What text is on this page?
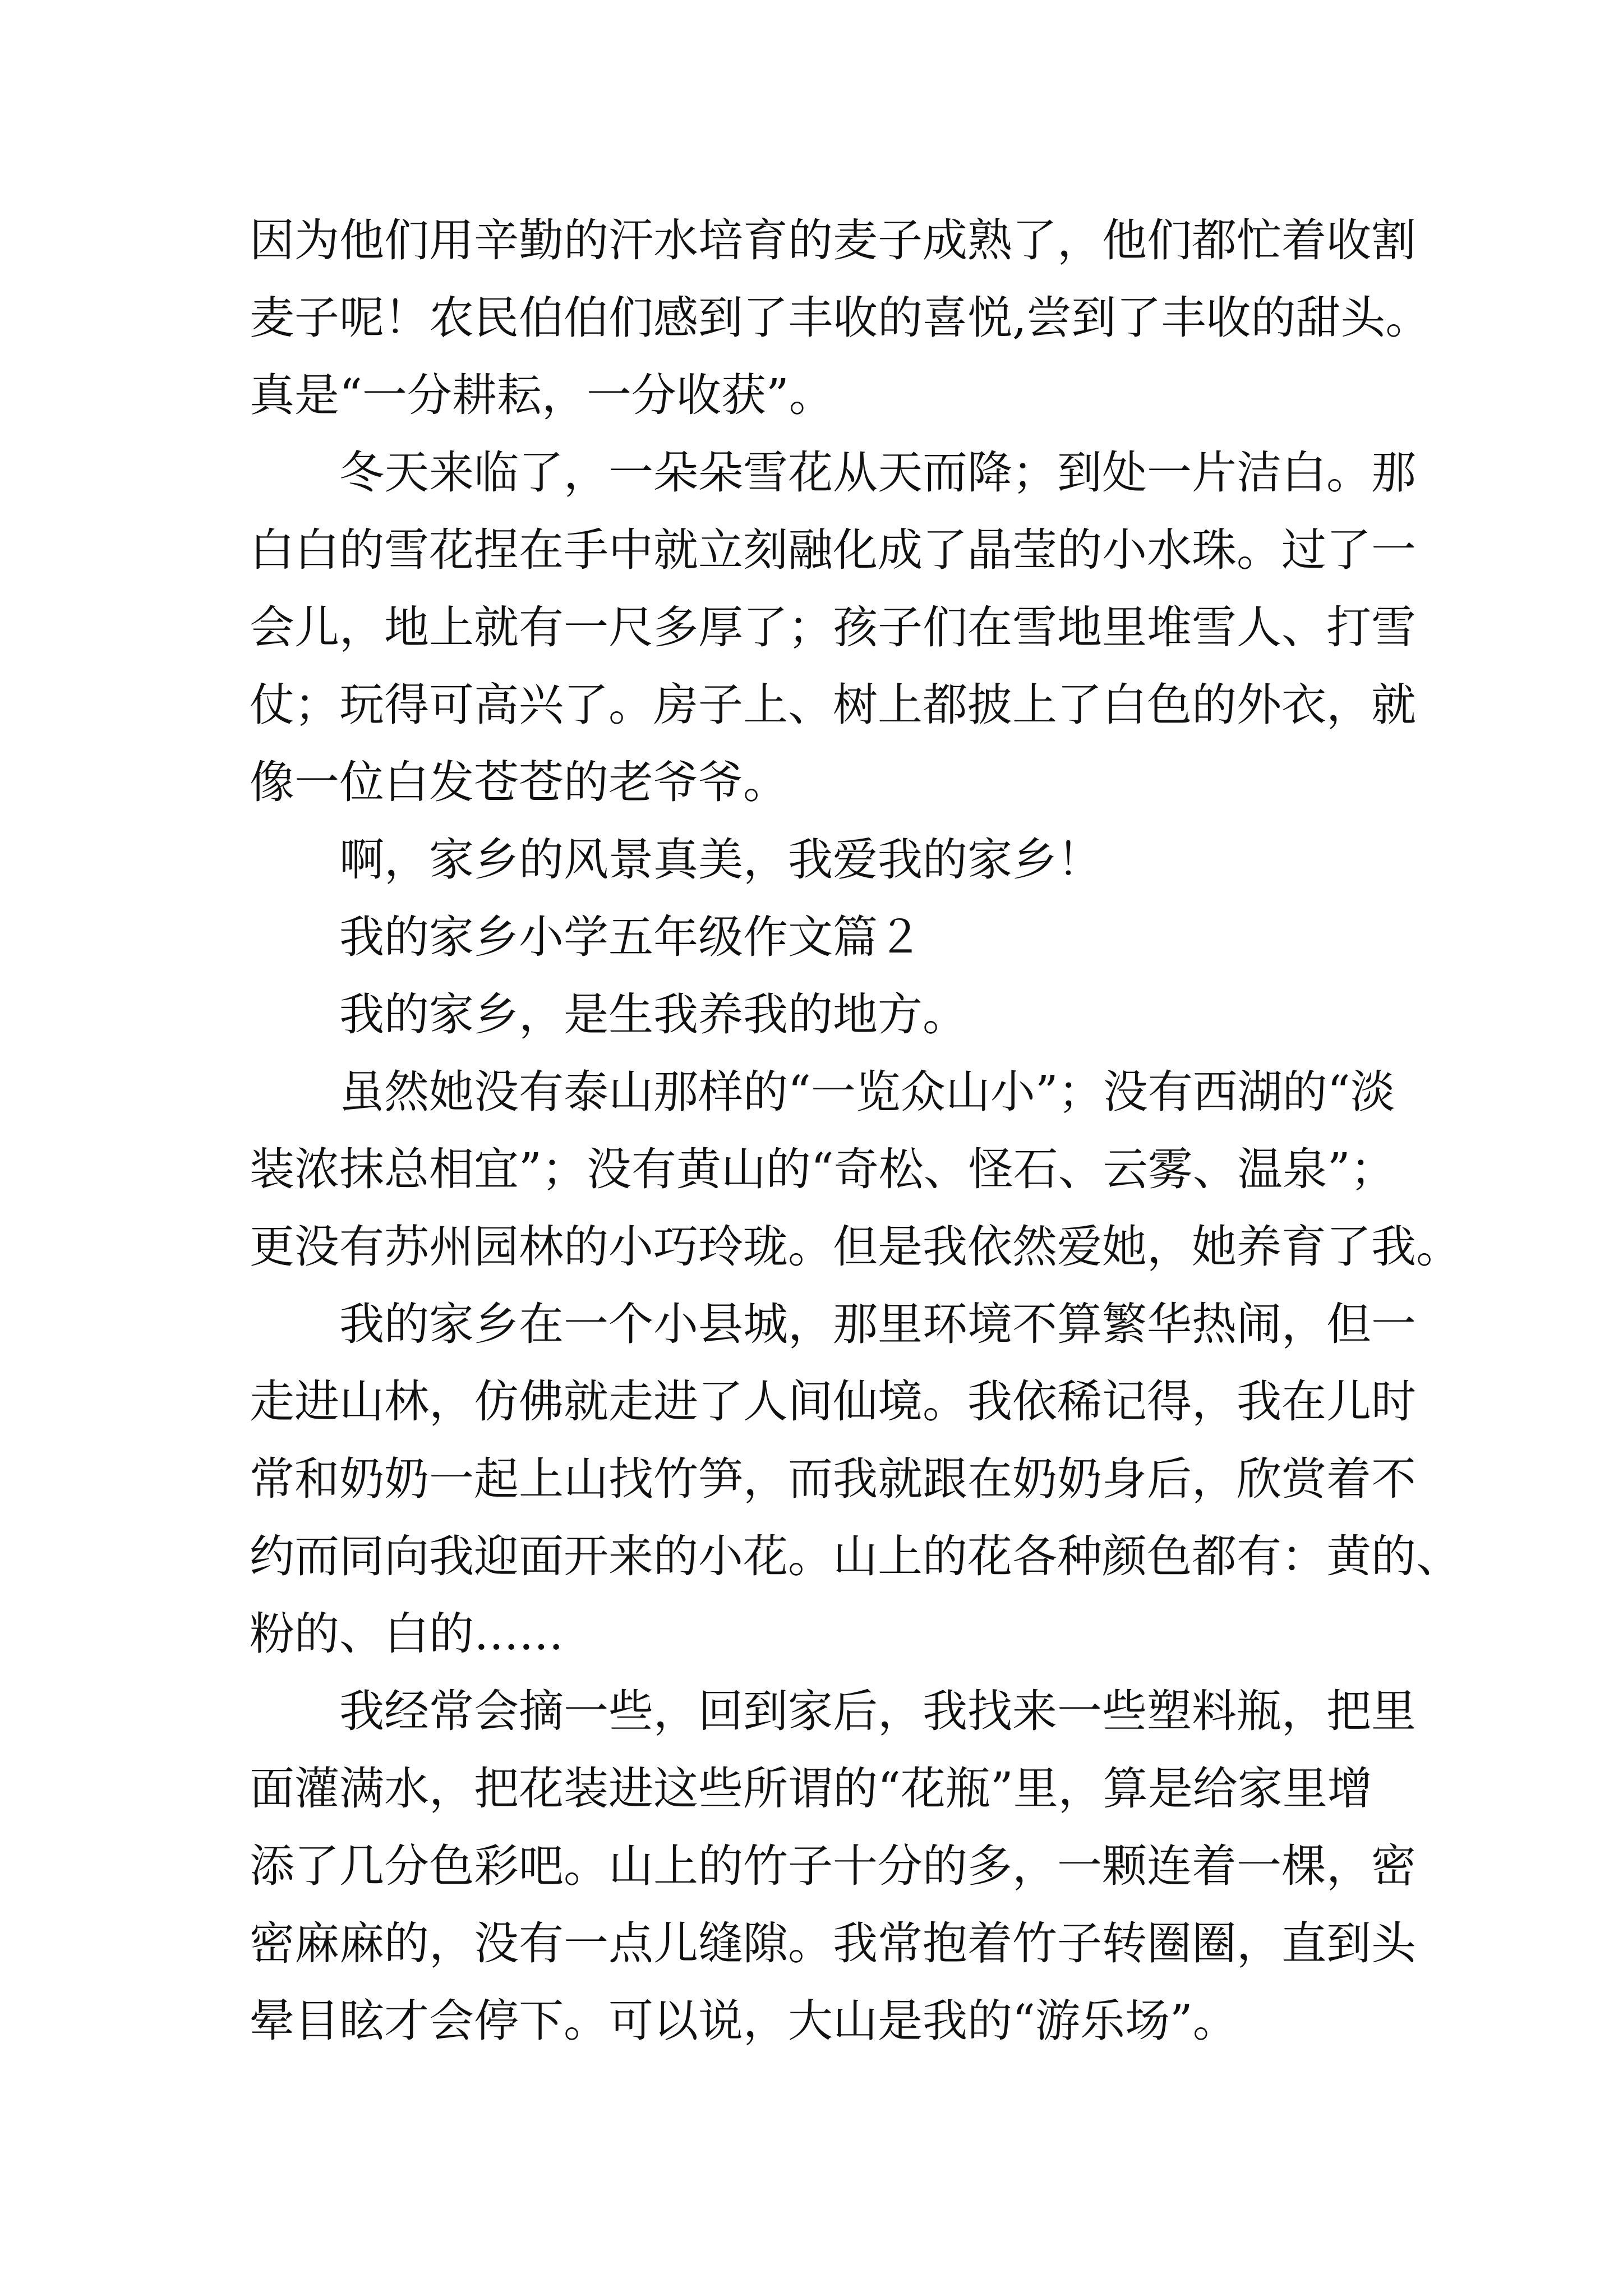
因为他们用辛勤的汗水培育的麦子成熟了，他们都忙着收割
麦子呢！农民伯伯们感到了丰收的喜悦,尝到了丰收的甜头。
真是“一分耕耘，一分收获”。
冬天来临了，一朵朵雪花从天而降；到处一片洁白。那
白白的雪花捏在手中就立刻融化成了晶莹的小水珠。过了一
会儿，地上就有一尺多厚了；孩子们在雪地里堆雪人、打雪
仗；玩得可高兴了。房子上、树上都披上了白色的外衣，就
像一位白发苍苍的老爷爷。
啊，家乡的风景真美，我爱我的家乡！
我的家乡小学五年级作文篇２
我的家乡，是生我养我的地方。
虽然她没有泰山那样的“一览众山小”；没有西湖的“淡
装浓抹总相宜”；没有黄山的“奇松、怪石、云雾、温泉”；
更没有苏州园林的小巧玲珑。但是我依然爱她，她养育了我。
我的家乡在一个小县城，那里环境不算繁华热闹，但一
走进山林，仿佛就走进了人间仙境。我依稀记得，我在儿时
常和奶奶一起上山找竹笋，而我就跟在奶奶身后，欣赏着不
约而同向我迎面开来的小花。山上的花各种颜色都有：黄的、
粉的、白的……
我经常会摘一些，回到家后，我找来一些塑料瓶，把里
面灌满水，把花装进这些所谓的“花瓶”里，算是给家里增
添了几分色彩吧。山上的竹子十分的多，一颗连着一棵，密
密麻麻的，没有一点儿缝隙。我常抱着竹子转圈圈，直到头
晕目眩才会停下。可以说，大山是我的“游乐场”。
